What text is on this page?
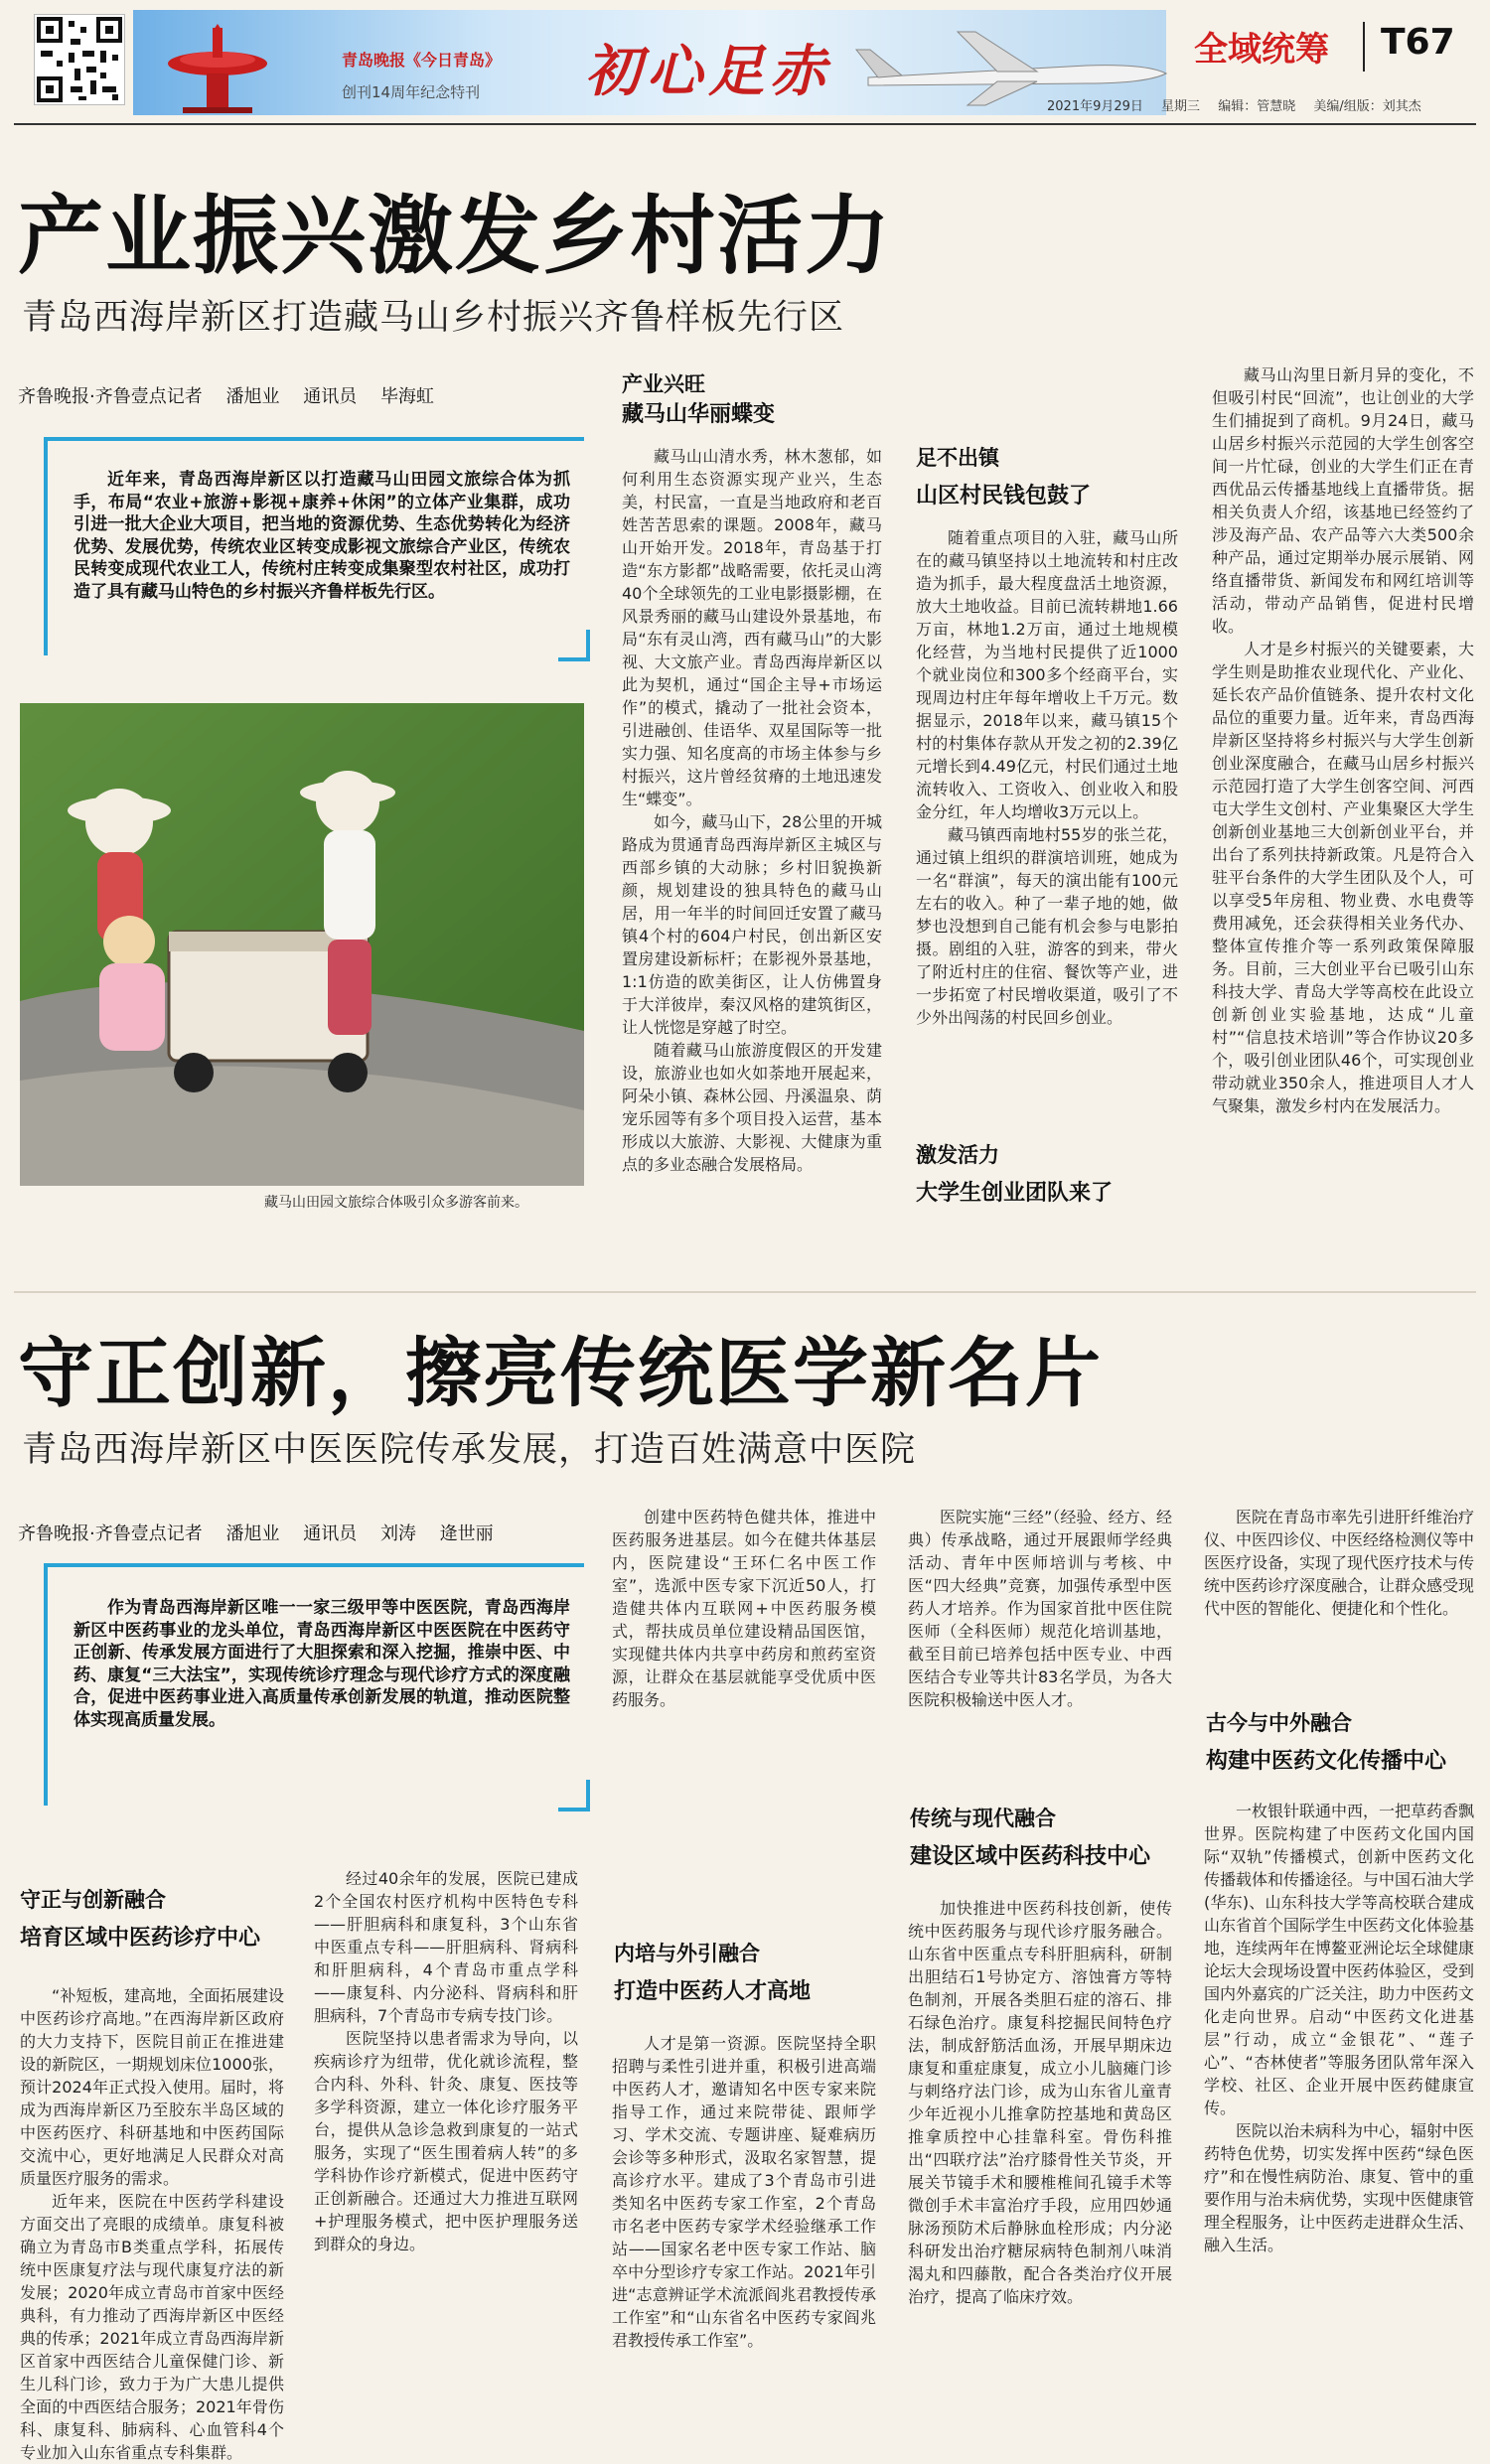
青岛晚报《今日青岛》
创刊14周年纪念特刊 初心足赤
2021年9月29日 星期三 编辑：管慧晓 美编/组版：刘其杰
全域统筹 T67
产业振兴激发乡村活力
青岛西海岸新区打造藏马山乡村振兴齐鲁样板先行区
齐鲁晚报·齐鲁壹点记者 潘旭业 通讯员 毕海虹
近年来，青岛西海岸新区以打造藏马山田园文旅综合体为抓手，布局“农业+旅游+影视+康养+休闲”的立体产业集群，成功引进一批大企业大项目，把当地的资源优势、生态优势转化为经济优势、发展优势，传统农业区转变成影视文旅综合产业区，传统农民转变成现代农业工人，传统村庄转变成集聚型农村社区，成功打造了具有藏马山特色的乡村振兴齐鲁样板先行区。
藏马山田园文旅综合体吸引众多游客前来。
产业兴旺
藏马山华丽蝶变

藏马山山清水秀，林木葱郁，如何利用生态资源实现产业兴，生态美，村民富，一直是当地政府和老百姓苦苦思索的课题。2008年，藏马山开始开发。2018年，青岛基于打造“东方影都”战略需要，依托灵山湾40个全球领先的工业电影摄影棚，在风景秀丽的藏马山建设外景基地，布局“东有灵山湾，西有藏马山”的大影视、大文旅产业。青岛西海岸新区以此为契机，通过“国企主导+市场运作”的模式，撬动了一批社会资本，引进融创、佳语华、双星国际等一批实力强、知名度高的市场主体参与乡村振兴，这片曾经贫瘠的土地迅速发生“蝶变”。

如今，藏马山下，28公里的开城路成为贯通青岛西海岸新区主城区与西部乡镇的大动脉；乡村旧貌换新颜，规划建设的独具特色的藏马山居，用一年半的时间回迁安置了藏马镇4个村的604户村民，创出新区安置房建设新标杆；在影视外景基地，1:1仿造的欧美街区，让人仿佛置身于大洋彼岸，秦汉风格的建筑街区，让人恍惚是穿越了时空。

随着藏马山旅游度假区的开发建设，旅游业也如火如荼地开展起来，阿朵小镇、森林公园、丹溪温泉、荫宠乐园等有多个项目投入运营，基本形成以大旅游、大影视、大健康为重点的多业态融合发展格局。

足不出镇
山区村民钱包鼓了

随着重点项目的入驻，藏马山所在的藏马镇坚持以土地流转和村庄改造为抓手，最大程度盘活土地资源，放大土地收益。目前已流转耕地1.66万亩，林地1.2万亩，通过土地规模化经营，为当地村民提供了近1000个就业岗位和300多个经商平台，实现周边村庄年每年增收上千万元。数据显示，2018年以来，藏马镇15个村的村集体存款从开发之初的2.39亿元增长到4.49亿元，村民们通过土地流转收入、工资收入、创业收入和股金分红，年人均增收3万元以上。

藏马镇西南地村55岁的张兰花，通过镇上组织的群演培训班，她成为一名“群演”，每天的演出能有100元左右的收入。种了一辈子地的她，做梦也没想到自己能有机会参与电影拍摄。剧组的入驻，游客的到来，带火了附近村庄的住宿、餐饮等产业，进一步拓宽了村民增收渠道，吸引了不少外出闯荡的村民回乡创业。

激发活力
大学生创业团队来了

藏马山沟里日新月异的变化，不但吸引村民“回流”，也让创业的大学生们捕捉到了商机。9月24日，藏马山居乡村振兴示范园的大学生创客空间一片忙碌，创业的大学生们正在青西优品云传播基地线上直播带货。据相关负责人介绍，该基地已经签约了涉及海产品、农产品等六大类500余种产品，通过定期举办展示展销、网络直播带货、新闻发布和网红培训等活动，带动产品销售，促进村民增收。

人才是乡村振兴的关键要素，大学生则是助推农业现代化、产业化、延长农产品价值链条、提升农村文化品位的重要力量。近年来，青岛西海岸新区坚持将乡村振兴与大学生创新创业深度融合，在藏马山居乡村振兴示范园打造了大学生创客空间、河西屯大学生文创村、产业集聚区大学生创新创业基地三大创新创业平台，并出台了系列扶持新政策。凡是符合入驻平台条件的大学生团队及个人，可以享受5年房租、物业费、水电费等费用减免，还会获得相关业务代办、整体宣传推介等一系列政策保障服务。目前，三大创业平台已吸引山东科技大学、青岛大学等高校在此设立创新创业实验基地，达成“儿童村”“信息技术培训”等合作协议20多个，吸引创业团队46个，可实现创业带动就业350余人，推进项目人才人气聚集，激发乡村内在发展活力。

守正创新，擦亮传统医学新名片
青岛西海岸新区中医医院传承发展，打造百姓满意中医院
齐鲁晚报·齐鲁壹点记者 潘旭业 通讯员 刘涛 逄世丽
作为青岛西海岸新区唯一一家三级甲等中医医院，青岛西海岸新区中医药事业的龙头单位，青岛西海岸新区中医医院在中医药守正创新、传承发展方面进行了大胆探索和深入挖掘，推崇中医、中药、康复“三大法宝”，实现传统诊疗理念与现代诊疗方式的深度融合，促进中医药事业进入高质量传承创新发展的轨道，推动医院整体实现高质量发展。
守正与创新融合
培育区域中医药诊疗中心

“补短板，建高地，全面拓展建设中医药诊疗高地。”在西海岸新区政府的大力支持下，医院目前正在推进建设的新院区，一期规划床位1000张，预计2024年正式投入使用。届时，将成为西海岸新区乃至胶东半岛区域的中医药医疗、科研基地和中医药国际交流中心，更好地满足人民群众对高质量医疗服务的需求。

近年来，医院在中医药学科建设方面交出了亮眼的成绩单。康复科被确立为青岛市B类重点学科，拓展传统中医康复疗法与现代康复疗法的新发展；2020年成立青岛市首家中医经典科，有力推动了西海岸新区中医经典的传承；2021年成立青岛西海岸新区首家中西医结合儿童保健门诊、新生儿科门诊，致力于为广大患儿提供全面的中西医结合服务；2021年骨伤科、康复科、肺病科、心血管科4个专业加入山东省重点专科集群。

经过40余年的发展，医院已建成2个全国农村医疗机构中医特色专科——肝胆病科和康复科，3个山东省中医重点专科——肝胆病科、肾病科和肝胆病科，4个青岛市重点学科——康复科、内分泌科、肾病科和肝胆病科，7个青岛市专病专技门诊。

医院坚持以患者需求为导向，以疾病诊疗为纽带，优化就诊流程，整合内科、外科、针灸、康复、医技等多学科资源，建立一体化诊疗服务平台，提供从急诊急救到康复的一站式服务，实现了“医生围着病人转”的多学科协作诊疗新模式，促进中医药守正创新融合。还通过大力推进互联网+护理服务模式，把中医护理服务送到群众的身边。

创建中医药特色健共体，推进中医药服务进基层。如今在健共体基层内，医院建设“王环仁名中医工作室”，选派中医专家下沉近50人，打造健共体内互联网+中医药服务模式，帮扶成员单位建设精品国医馆，实现健共体内共享中药房和煎药室资源，让群众在基层就能享受优质中医药服务。

内培与外引融合
打造中医药人才高地

人才是第一资源。医院坚持全职招聘与柔性引进并重，积极引进高端中医药人才，邀请知名中医专家来院指导工作，通过来院带徒、跟师学习、学术交流、专题讲座、疑难病历会诊等多种形式，汲取名家智慧，提高诊疗水平。建成了3个青岛市引进类知名中医药专家工作室，2个青岛市名老中医药专家学术经验继承工作站——国家名老中医专家工作站、脑卒中分型诊疗专家工作站。2021年引进“志意辨证学术流派阎兆君教授传承工作室”和“山东省名中医药专家阎兆君教授传承工作室”。

医院实施“三经”（经验、经方、经典）传承战略，通过开展跟师学经典活动、青年中医师培训与考核、中医“四大经典”竞赛，加强传承型中医药人才培养。作为国家首批中医住院医师（全科医师）规范化培训基地，截至目前已培养包括中医专业、中西医结合专业等共计83名学员，为各大医院积极输送中医人才。

传统与现代融合
建设区域中医药科技中心

加快推进中医药科技创新，使传统中医药服务与现代诊疗服务融合。山东省中医重点专科肝胆病科，研制出胆结石1号协定方、溶蚀膏方等特色制剂，开展各类胆石症的溶石、排石绿色治疗。康复科挖掘民间特色疗法，制成舒筋活血汤，开展早期床边康复和重症康复，成立小儿脑瘫门诊与刺络疗法门诊，成为山东省儿童青少年近视小儿推拿防控基地和黄岛区推拿质控中心挂靠科室。骨伤科推出“四联疗法”治疗膝骨性关节炎，开展关节镜手术和腰椎椎间孔镜手术等微创手术丰富治疗手段，应用四妙通脉汤预防术后静脉血栓形成；内分泌科研发出治疗糖尿病特色制剂八味消渴丸和四藤散，配合各类治疗仪开展治疗，提高了临床疗效。

医院在青岛市率先引进肝纤维治疗仪、中医四诊仪、中医经络检测仪等中医医疗设备，实现了现代医疗技术与传统中医药诊疗深度融合，让群众感受现代中医的智能化、便捷化和个性化。

古今与中外融合
构建中医药文化传播中心

一枚银针联通中西，一把草药香飘世界。医院构建了中医药文化国内国际“双轨”传播模式，创新中医药文化传播载体和传播途径。与中国石油大学(华东)、山东科技大学等高校联合建成山东省首个国际学生中医药文化体验基地，连续两年在博鳌亚洲论坛全球健康论坛大会现场设置中医药体验区，受到国内外嘉宾的广泛关注，助力中医药文化走向世界。启动“中医药文化进基层”行动，成立“金银花”、“莲子心”、“杏林使者”等服务团队常年深入学校、社区、企业开展中医药健康宣传。

医院以治未病科为中心，辐射中医药特色优势，切实发挥中医药“绿色医疗”和在慢性病防治、康复、管中的重要作用与治未病优势，实现中医健康管理全程服务，让中医药走进群众生活、融入生活。
